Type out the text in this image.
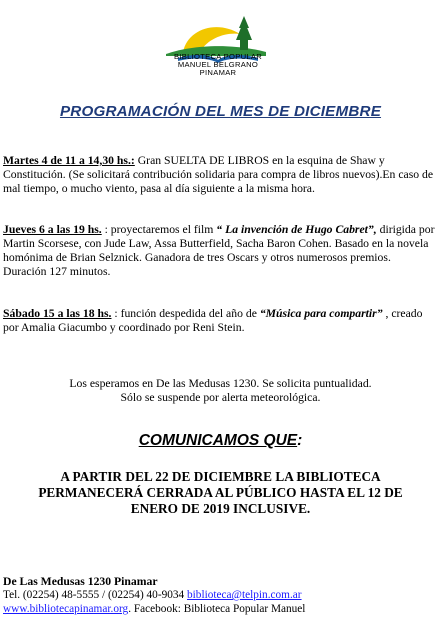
BIBLIOTECA POPULAR
MANUEL BELGRANO
PINAMAR
PROGRAMACIÓN DEL MES DE DICIEMBRE
Martes 4 de 11 a 14,30 hs.: Gran SUELTA DE LIBROS en la esquina de Shaw y Constitución. (Se solicitará contribución solidaria para compra de libros nuevos).En caso de mal tiempo, o mucho viento, pasa al día siguiente a la misma hora.
Jueves 6 a las 19 hs. : proyectaremos el film “ La invención de Hugo Cabret”, dirigida por Martin Scorsese, con Jude Law, Assa Butterfield, Sacha Baron Cohen. Basado en la novela homónima de Brian Selznick. Ganadora de tres Oscars y otros numerosos premios. Duración 127 minutos.
Sábado 15 a las 18 hs. : función despedida del año de “Música para compartir” , creado por Amalia Giacumbo y coordinado por Reni Stein.
Los esperamos en De las Medusas 1230. Se solicita puntualidad.
Sólo se suspende por alerta meteorológica.
COMUNICAMOS QUE:
A PARTIR DEL 22 DE DICIEMBRE LA BIBLIOTECA PERMANECERÁ CERRADA AL PÚBLICO HASTA EL 12 DE ENERO DE 2019 INCLUSIVE.
De Las Medusas 1230 Pinamar
Tel. (02254) 48-5555 / (02254) 40-9034 biblioteca@telpin.com.ar
www.bibliotecapinamar.org. Facebook: Biblioteca Popular Manuel
